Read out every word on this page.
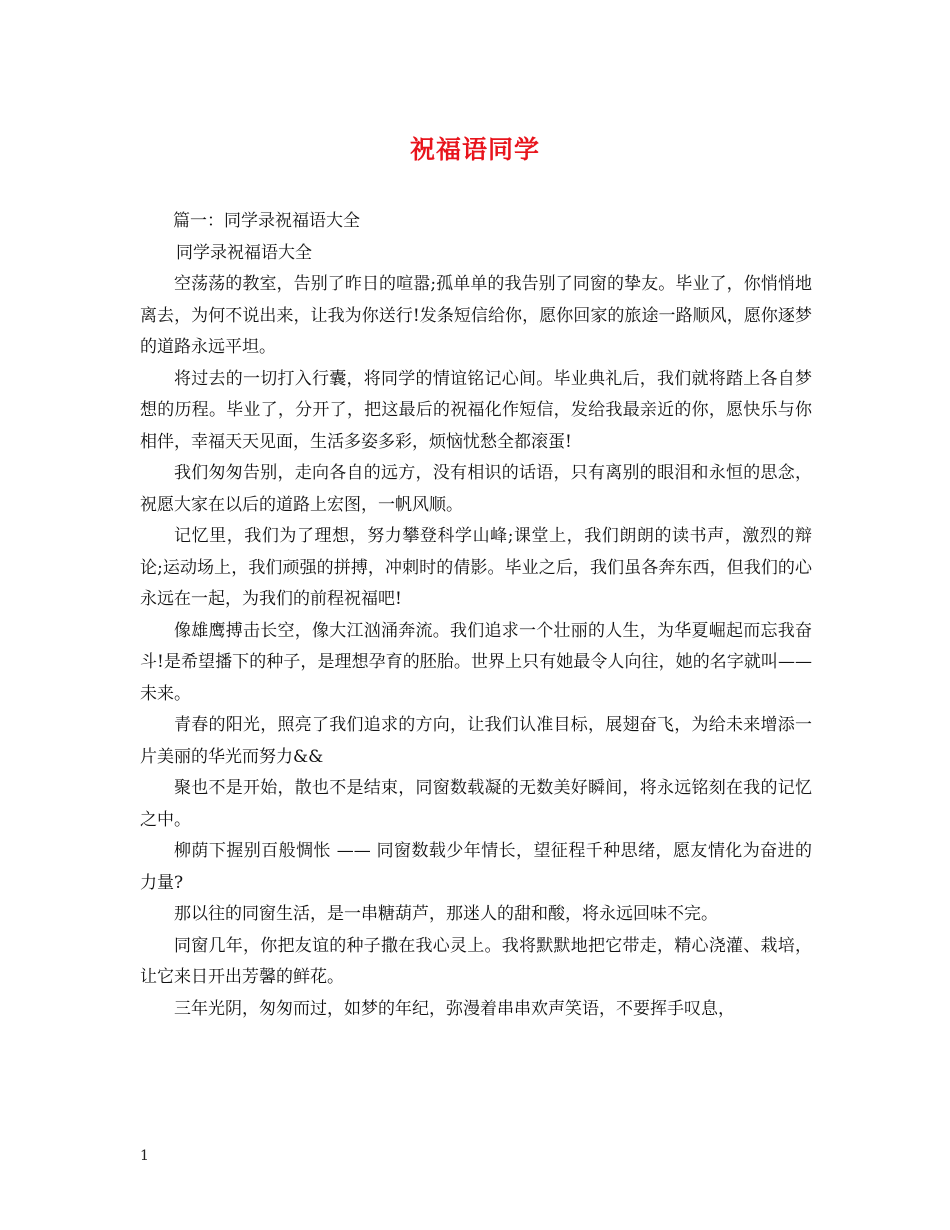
祝福语同学

篇一：同学录祝福语大全

同学录祝福语大全

空荡荡的教室，告别了昨日的喧嚣;孤单单的我告别了同窗的挚友。毕业了，你悄悄地离去，为何不说出来，让我为你送行!发条短信给你，愿你回家的旅途一路顺风，愿你逐梦的道路永远平坦。

将过去的一切打入行囊，将同学的情谊铭记心间。毕业典礼后，我们就将踏上各自梦想的历程。毕业了，分开了，把这最后的祝福化作短信，发给我最亲近的你，愿快乐与你相伴，幸福天天见面，生活多姿多彩，烦恼忧愁全都滚蛋!

我们匆匆告别，走向各自的远方，没有相识的话语，只有离别的眼泪和永恒的思念，祝愿大家在以后的道路上宏图，一帆风顺。

记忆里，我们为了理想，努力攀登科学山峰;课堂上，我们朗朗的读书声，激烈的辩论;运动场上，我们顽强的拼搏，冲刺时的倩影。毕业之后，我们虽各奔东西，但我们的心永远在一起，为我们的前程祝福吧!

像雄鹰搏击长空，像大江汹涌奔流。我们追求一个壮丽的人生，为华夏崛起而忘我奋斗!是希望播下的种子，是理想孕育的胚胎。世界上只有她最令人向往，她的名字就叫——未来。

青春的阳光，照亮了我们追求的方向，让我们认准目标，展翅奋飞，为给未来增添一片美丽的华光而努力&&

聚也不是开始，散也不是结束，同窗数载凝的无数美好瞬间，将永远铭刻在我的记忆之中。

柳荫下握别百般惆怅 —— 同窗数载少年情长，望征程千种思绪，愿友情化为奋进的力量?

那以往的同窗生活，是一串糖葫芦，那迷人的甜和酸，将永远回味不完。

同窗几年，你把友谊的种子撒在我心灵上。我将默默地把它带走，精心浇灌、栽培，让它来日开出芳馨的鲜花。

三年光阴，匆匆而过，如梦的年纪，弥漫着串串欢声笑语，不要挥手叹息，

1
